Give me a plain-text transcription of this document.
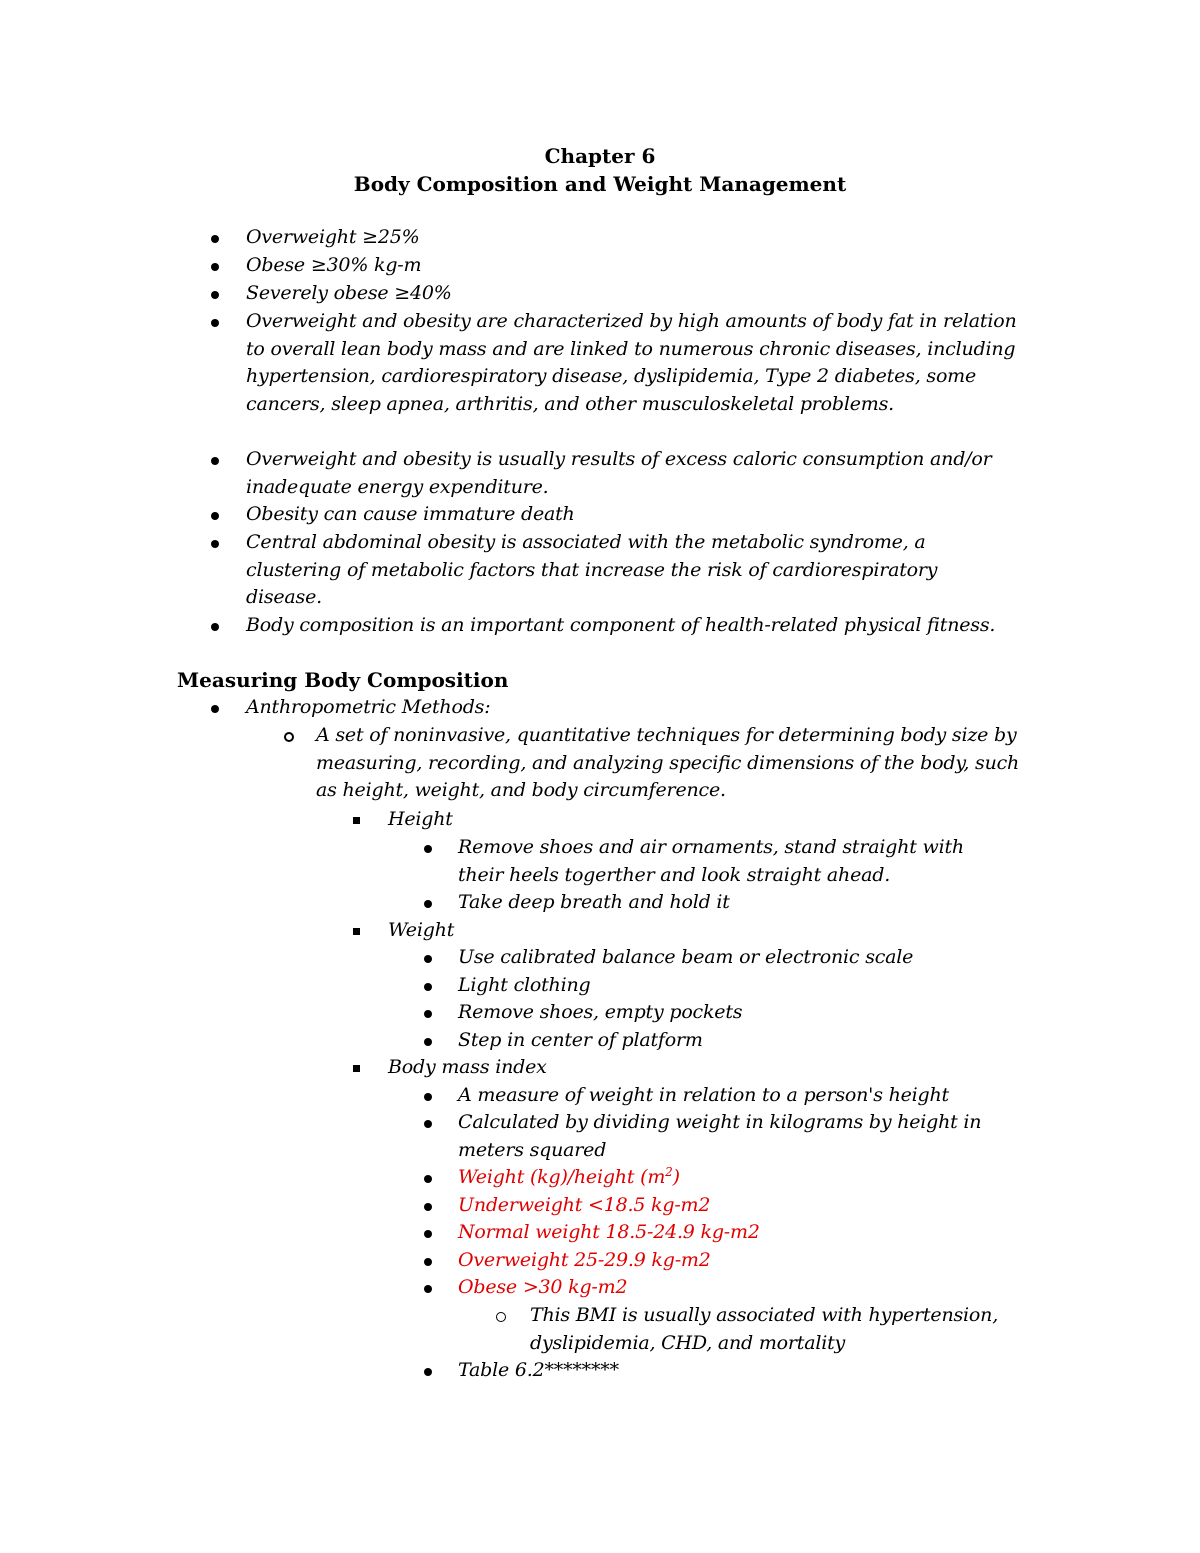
Chapter 6
Body Composition and Weight Management
Overweight ≥25%
Obese ≥30% kg-m
Severely obese ≥40%
Overweight and obesity are characterized by high amounts of body fat in relation to overall lean body mass and are linked to numerous chronic diseases, including hypertension, cardiorespiratory disease, dyslipidemia, Type 2 diabetes, some cancers, sleep apnea, arthritis, and other musculoskeletal problems.
Overweight and obesity is usually results of excess caloric consumption and/or inadequate energy expenditure.
Obesity can cause immature death
Central abdominal obesity is associated with the metabolic syndrome, a clustering of metabolic factors that increase the risk of cardiorespiratory disease.
Body composition is an important component of health-related physical fitness.
Measuring Body Composition
Anthropometric Methods:
A set of noninvasive, quantitative techniques for determining body size by measuring, recording, and analyzing specific dimensions of the body, such as height, weight, and body circumference.
Height
Remove shoes and air ornaments, stand straight with their heels togerther and look straight ahead.
Take deep breath and hold it
Weight
Use calibrated balance beam or electronic scale
Light clothing
Remove shoes, empty pockets
Step in center of platform
Body mass index
A measure of weight in relation to a person's height
Calculated by dividing weight in kilograms by height in meters squared
Weight (kg)/height $(m^2)$
Underweight <18.5 kg-m2
Normal weight 18.5-24.9 kg-m2
Overweight 25-29.9 kg-m2
Obese >30 kg-m2
This BMI is usually associated with hypertension, dyslipidemia, CHD, and mortality
Table 6.2********
